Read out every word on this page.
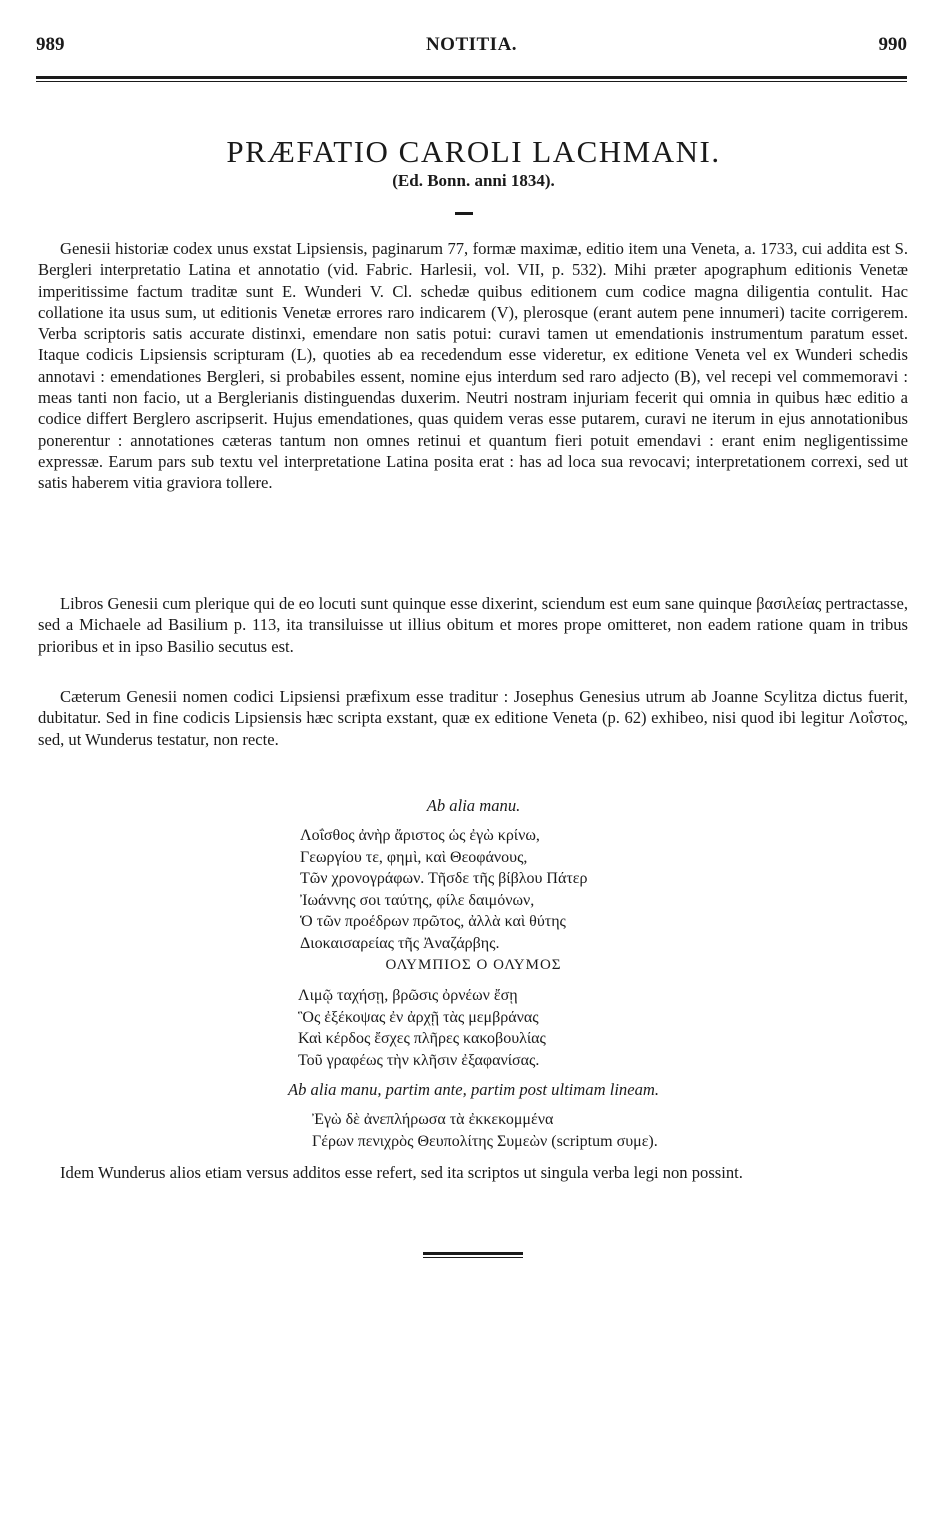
989	NOTITIA.	990
PRÆFATIO CAROLI LACHMANI.
(Ed. Bonn. anni 1834).

Genesii historiæ codex unus exstat Lipsiensis, paginarum 77, formæ maximæ, editio item una Veneta, a. 1733, cui addita est S. Bergleri interpretatio Latina et annotatio (vid. Fabric. Harlesii, vol. VII, p. 532). Mihi præter apographum editionis Venetæ imperitissime factum traditæ sunt E. Wunderi V. Cl. schedæ quibus editionem cum codice magna diligentia contulit. Hac collatione ita usus sum, ut editionis Venetæ errores raro indicarem (V), plerosque (erant autem pene innumeri) tacite corrigerem. Verba scriptoris satis accurate distinxi, emendare non satis potui: curavi tamen ut emendationis instrumentum paratum esset. Itaque codicis Lipsiensis scripturam (L), quoties ab ea recedendum esse videretur, ex editione Veneta vel ex Wunderi schedis annotavi : emendationes Bergleri, si probabiles essent, nomine ejus interdum sed raro adjecto (B), vel recepi vel commemoravi : meas tanti non facio, ut a Berglerianis distinguendas duxerim. Neutri nostram injuriam fecerit qui omnia in quibus hæc editio a codice differt Berglero ascripserit. Hujus emendationes, quas quidem veras esse putarem, curavi ne iterum in ejus annotationibus ponerentur : annotationes cæteras tantum non omnes retinui et quantum fieri potuit emendavi : erant enim negligentissime expressæ. Earum pars sub textu vel interpretatione Latina posita erat : has ad loca sua revocavi; interpretationem correxi, sed ut satis haberem vitia graviora tollere.

Libros Genesii cum plerique qui de eo locuti sunt quinque esse dixerint, sciendum est eum sane quinque βασιλείας pertractasse, sed a Michaele ad Basilium p. 113, ita transiluisse ut illius obitum et mores prope omitteret, non eadem ratione quam in tribus prioribus et in ipso Basilio secutus est.

Cæterum Genesii nomen codici Lipsiensi præfixum esse traditur : Josephus Genesius utrum ab Joanne Scylitza dictus fuerit, dubitatur. Sed in fine codicis Lipsiensis hæc scripta exstant, quæ ex editione Veneta (p. 62) exhibeo, nisi quod ibi legitur Λοΐστος, sed, ut Wunderus testatur, non recte.

Ab alia manu.
Λοΐσθος ἀνὴρ ἄριστος ὡς ἐγὼ κρίνω,
Γεωργίου τε, φημὶ, καὶ Θεοφάνους,
Τῶν χρονογράφων. Τῆσδε τῆς βίβλου Πάτερ
Ἰωάννης σοι ταύτης, φίλε δαιμόνων,
Ὁ τῶν προέδρων πρῶτος, ἀλλὰ καὶ θύτης
Διοκαισαρείας τῆς Ἀναζάρβης.
ΟΛΥΜΠΙΟΣ Ο ΟΛΥΜΟΣ
Λιμῷ ταχήσῃ, βρῶσις ὀρνέων ἔσῃ
Ὃς ἐξέκοψας ἐν ἀρχῇ τὰς μεμβράνας
Καὶ κέρδος ἔσχες πλῆρες κακοβουλίας
Τοῦ γραφέως τὴν κλῆσιν ἐξαφανίσας.
Ab alia manu, partim ante, partim post ultimam lineam.
Ἐγὼ δὲ ἀνεπλήρωσα τὰ ἐκκεκομμένα
Γέρων πενιχρὸς Θευπολίτης Συμεὼν (scriptum συμε).

Idem Wunderus alios etiam versus additos esse refert, sed ita scriptos ut singula verba legi non possint.
